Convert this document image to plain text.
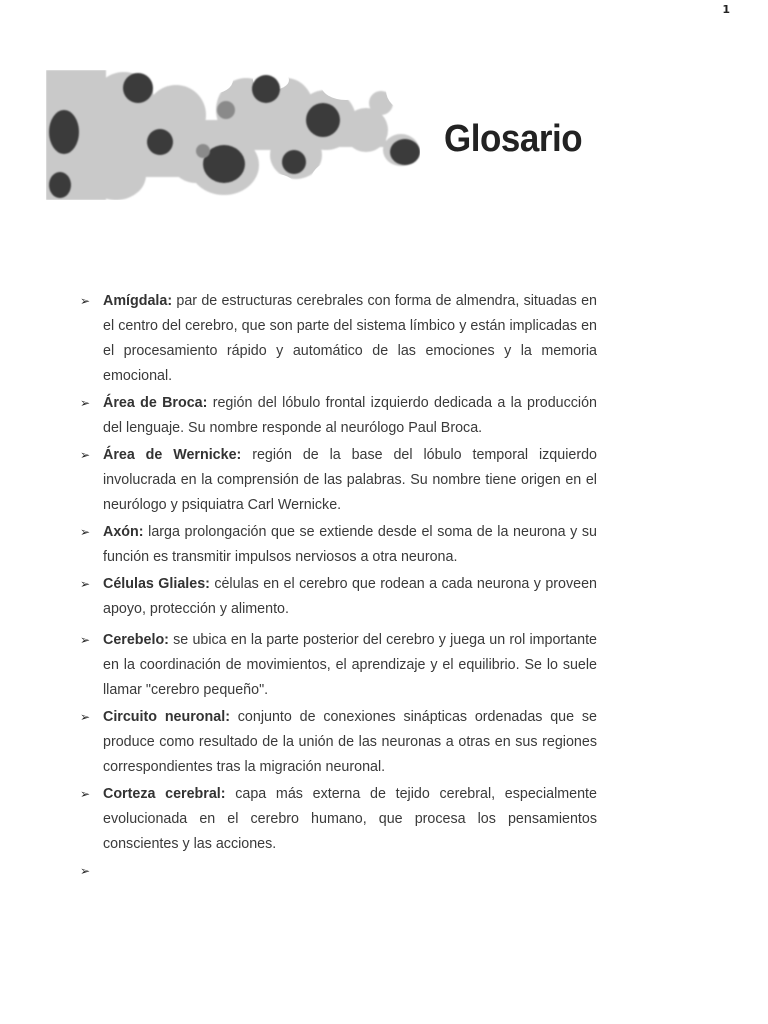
1
Glosario
➢ Amígdala: par de estructuras cerebrales con forma de almendra, situadas en el centro del cerebro, que son parte del sistema límbico y están implicadas en el procesamiento rápido y automático de las emociones y la memoria emocional.
➢ Área de Broca: región del lóbulo frontal izquierdo dedicada a la producción del lenguaje. Su nombre responde al neurólogo Paul Broca.
➢ Área de Wernicke: región de la base del lóbulo temporal izquierdo involucrada en la comprensión de las palabras. Su nombre tiene origen en el neurólogo y psiquiatra Carl Wernicke.
➢ Axón: larga prolongación que se extiende desde el soma de la neurona y su función es transmitir impulsos nerviosos a otra neurona.
➢ Células Gliales: cėlulas en el cerebro que rodean a cada neurona y proveen apoyo, protección y alimento.
➢ Cerebelo: se ubica en la parte posterior del cerebro y juega un rol importante en la coordinación de movimientos, el aprendizaje y el equilibrio. Se lo suele llamar "cerebro pequeño".
➢ Circuito neuronal: conjunto de conexiones sinápticas ordenadas que se produce como resultado de la unión de las neuronas a otras en sus regiones correspondientes tras la migración neuronal.
➢ Corteza cerebral: capa más externa de tejido cerebral, especialmente evolucionada en el cerebro humano, que procesa los pensamientos conscientes y las acciones.
➢
